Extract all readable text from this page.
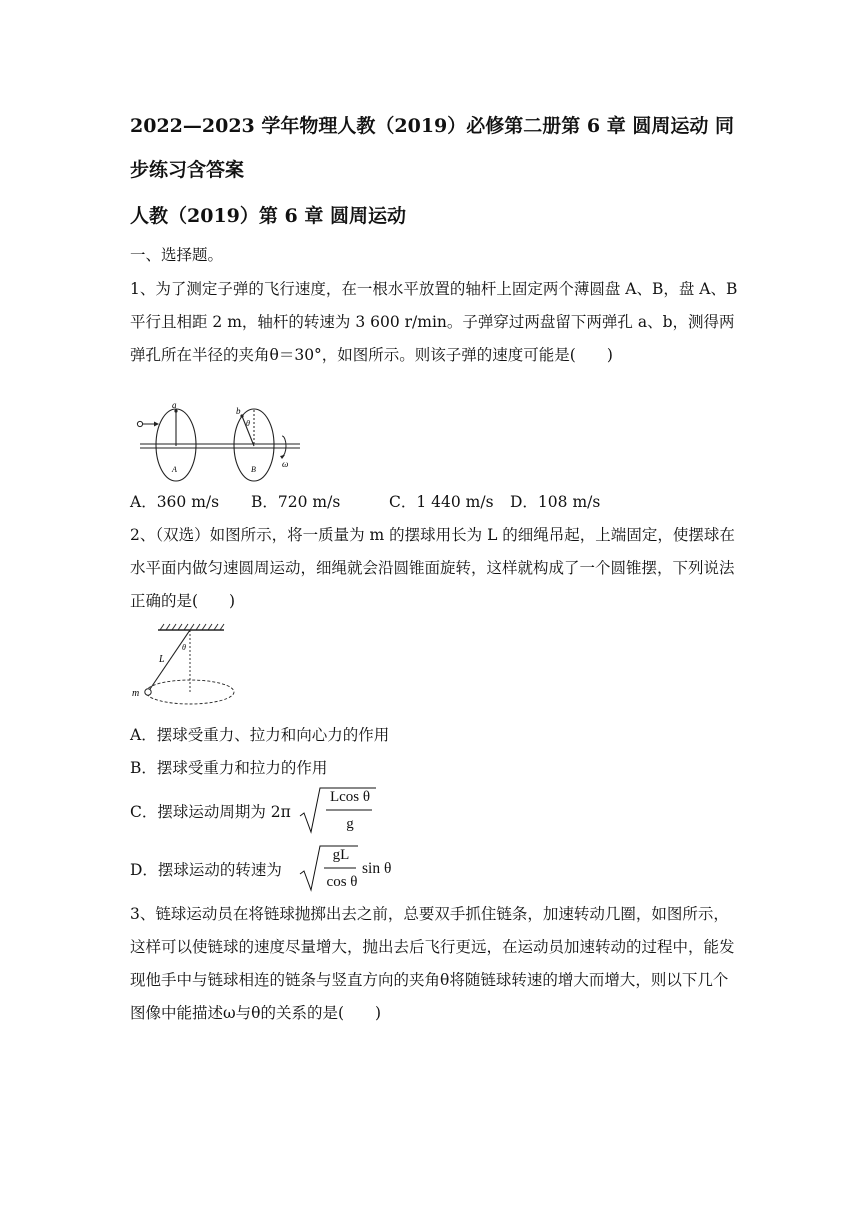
2022—2023 学年物理人教（2019）必修第二册第 6 章 圆周运动 同
步练习含答案
人教（2019）第 6 章 圆周运动
一、选择题。
1、为了测定子弹的飞行速度，在一根水平放置的轴杆上固定两个薄圆盘 A、B，盘 A、B 平行且相距 2 m，轴杆的转速为 3 600 r/min。子弹穿过两盘留下两弹孔 a、b，测得两弹孔所在半径的夹角θ＝30°，如图所示。则该子弹的速度可能是(　　)
a
b
θ
A	B
ω
A．360 m/s B．720 m/s	C．1 440 m/s D．108 m/s
2、（双选）如图所示，将一质量为 m 的摆球用长为 L 的细绳吊起，上端固定，使摆球在水平面内做匀速圆周运动，细绳就会沿圆锥面旋转，这样就构成了一个圆锥摆，下列说法正确的是(　　)
L
θ
m
A．摆球受重力、拉力和向心力的作用
B．摆球受重力和拉力的作用
C．摆球运动周期为 2π
Lcos θ
g
D．摆球运动的转速为
gL
cos θ
sin θ
3、链球运动员在将链球抛掷出去之前，总要双手抓住链条，加速转动几圈，如图所示，这样可以使链球的速度尽量增大，抛出去后飞行更远，在运动员加速转动的过程中，能发现他手中与链球相连的链条与竖直方向的夹角θ将随链球转速的增大而增大，则以下几个图像中能描述ω与θ的关系的是(　　)
